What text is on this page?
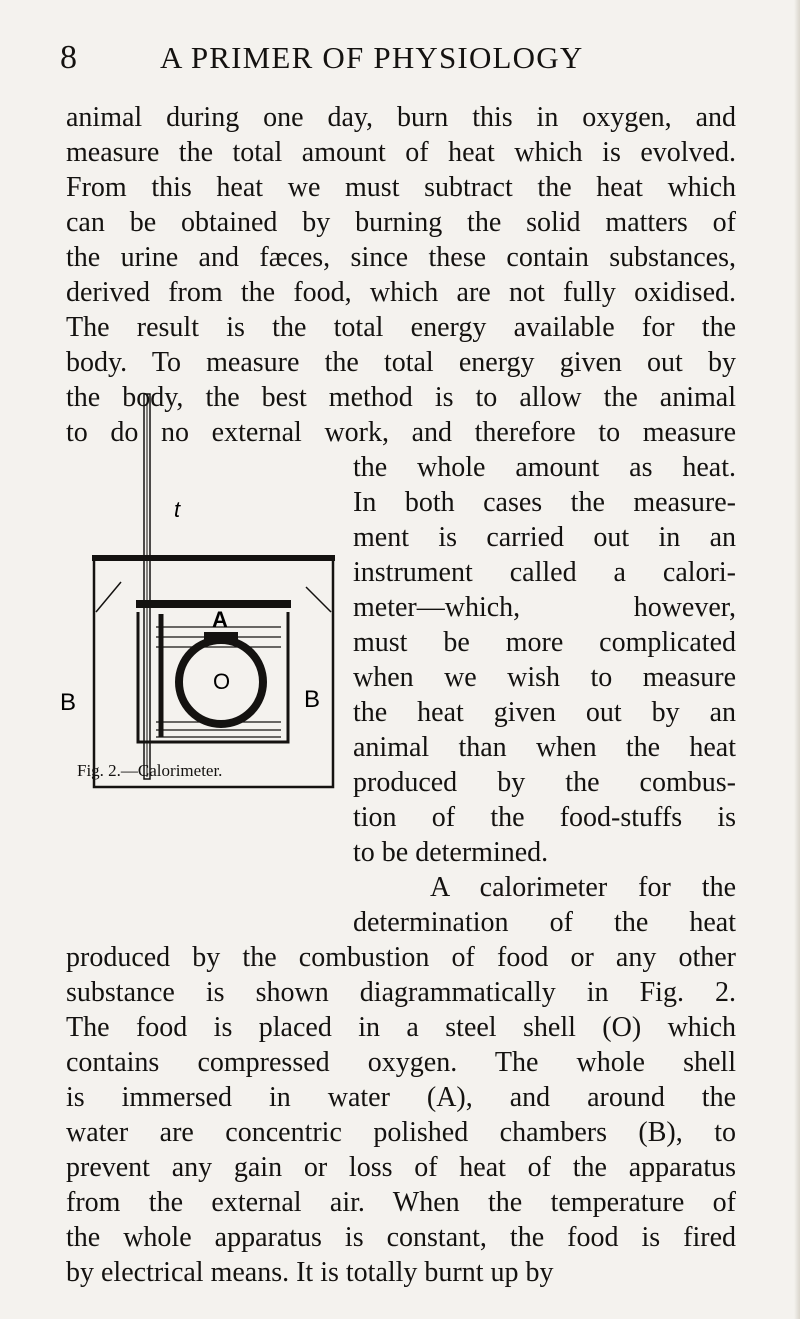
8	A PRIMER OF PHYSIOLOGY
animal during one day, burn this in oxygen, and
measure the total amount of heat which is evolved.
From this heat we must subtract the heat which
can be obtained by burning the solid matters of
the urine and fæces, since these contain substances,
derived from the food, which are not fully oxidised.
The result is the total energy available for the
body. To measure the total energy given out by
the body, the best method is to allow the animal
to do no external work, and therefore to measure
the whole amount as heat.
In both cases the measure-
ment is carried out in an
instrument called a calori-
meter—which, however,
must be more complicated
when we wish to measure
the heat given out by an
animal than when the heat
produced by the combus-
tion of the food-stuffs is
to be determined.
A calorimeter for the
determination of the heat
produced by the combustion of food or any other
substance is shown diagrammatically in Fig. 2.
The food is placed in a steel shell (O) which
contains compressed oxygen. The whole shell
is immersed in water (A), and around the
water are concentric polished chambers (B), to
prevent any gain or loss of heat of the apparatus
from the external air. When the temperature of
the whole apparatus is constant, the food is fired
by electrical means. It is totally burnt up by
t
A
O
B	B
Fig. 2.—Calorimeter.
